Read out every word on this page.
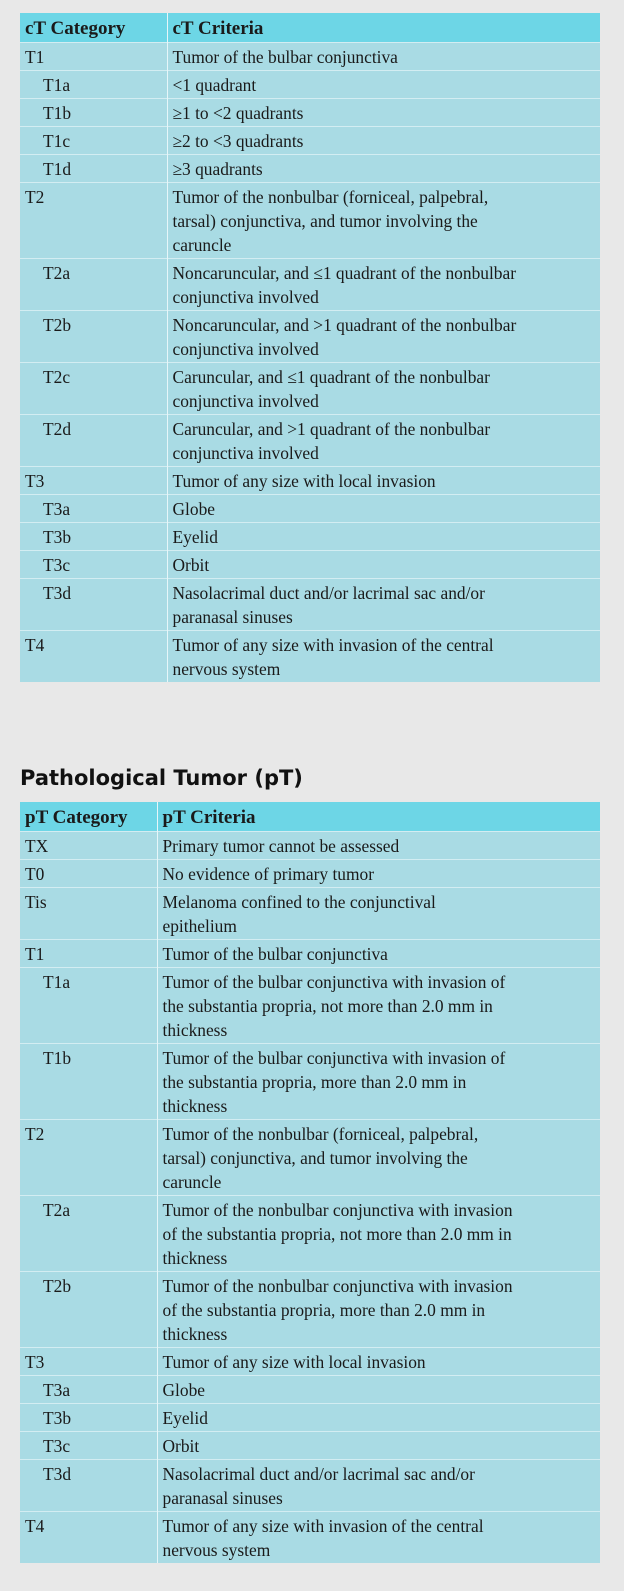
cT Category	cT Criteria
T1	Tumor of the bulbar conjunctiva
T1a	<1 quadrant
T1b	≥1 to <2 quadrants
T1c	≥2 to <3 quadrants
T1d	≥3 quadrants
T2	Tumor of the nonbulbar (forniceal, palpebral,
tarsal) conjunctiva, and tumor involving the
caruncle
T2a	Noncaruncular, and ≤1 quadrant of the nonbulbar
conjunctiva involved
T2b	Noncaruncular, and >1 quadrant of the nonbulbar
conjunctiva involved
T2c	Caruncular, and ≤1 quadrant of the nonbulbar
conjunctiva involved
T2d	Caruncular, and >1 quadrant of the nonbulbar
conjunctiva involved
T3	Tumor of any size with local invasion
T3a	Globe
T3b	Eyelid
T3c	Orbit
T3d	Nasolacrimal duct and/or lacrimal sac and/or
paranasal sinuses
T4	Tumor of any size with invasion of the central
nervous system
Pathological Tumor (pT)
pT Category	pT Criteria
TX	Primary tumor cannot be assessed
T0	No evidence of primary tumor
Tis	Melanoma confined to the conjunctival
epithelium
T1	Tumor of the bulbar conjunctiva
T1a	Tumor of the bulbar conjunctiva with invasion of
the substantia propria, not more than 2.0 mm in
thickness
T1b	Tumor of the bulbar conjunctiva with invasion of
the substantia propria, more than 2.0 mm in
thickness
T2	Tumor of the nonbulbar (forniceal, palpebral,
tarsal) conjunctiva, and tumor involving the
caruncle
T2a	Tumor of the nonbulbar conjunctiva with invasion
of the substantia propria, not more than 2.0 mm in
thickness
T2b	Tumor of the nonbulbar conjunctiva with invasion
of the substantia propria, more than 2.0 mm in
thickness
T3	Tumor of any size with local invasion
T3a	Globe
T3b	Eyelid
T3c	Orbit
T3d	Nasolacrimal duct and/or lacrimal sac and/or
paranasal sinuses
T4	Tumor of any size with invasion of the central
nervous system
